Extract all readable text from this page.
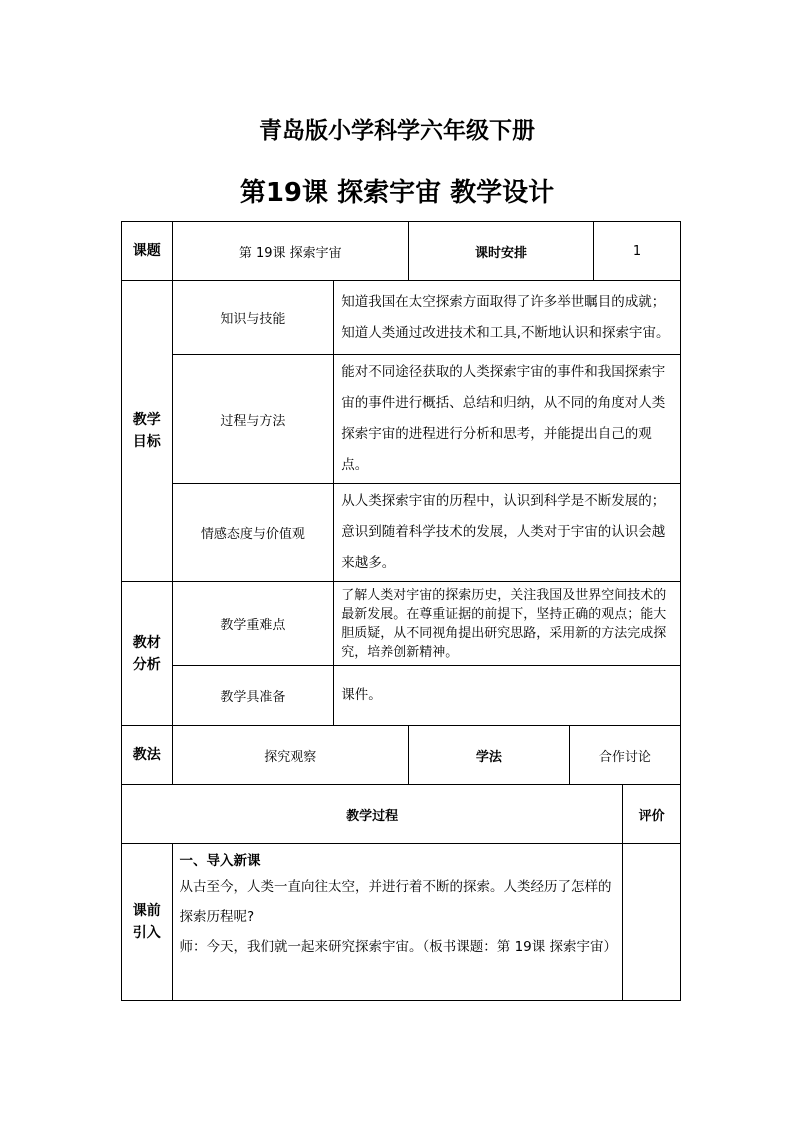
青岛版小学科学六年级下册
第19课 探索宇宙 教学设计
课题	第 19课 探索宇宙		课时安排		1	
教学目标	知识与技能	知道我国在太空探索方面取得了许多举世瞩目的成就；知道人类通过改进技术和工具,不断地认识和探索宇宙。				
	过程与方法	能对不同途径获取的人类探索宇宙的事件和我国探索宇宙的事件进行概括、总结和归纳，从不同的角度对人类探索宇宙的进程进行分析和思考，并能提出自己的观点。				
	情感态度与价值观	从人类探索宇宙的历程中，认识到科学是不断发展的；意识到随着科学技术的发展，人类对于宇宙的认识会越来越多。				
教材分析	教学重难点	了解人类对宇宙的探索历史，关注我国及世界空间技术的最新发展。在尊重证据的前提下，坚持正确的观点；能大胆质疑，从不同视角提出研究思路，采用新的方法完成探究，培养创新精神。				
	教学具准备	课件。				
教法	探究观察		学法	合作讨论		
教学过程						评价
课前引入	一、导入新课
从古至今，人类一直向往太空，并进行着不断的探索。人类经历了怎样的探索历程呢?
师：今天，我们就一起来研究探索宇宙。（板书课题：第 19课 探索宇宙）					
